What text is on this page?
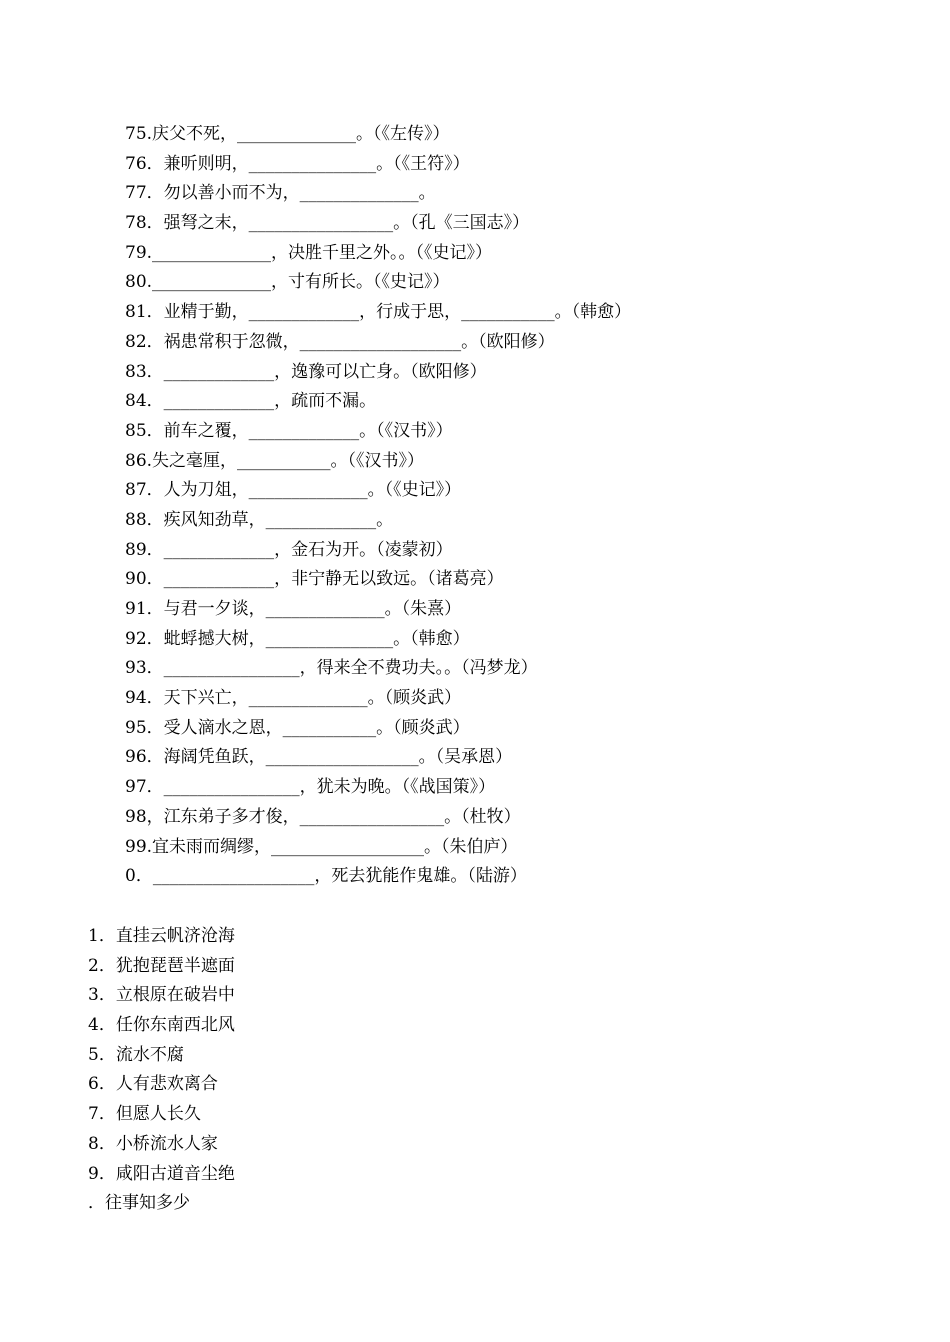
75.庆父不死，______________。（《左传》）
76．兼听则明，_______________。（《王符》）
77．勿以善小而不为，______________。
78．强弩之末，_________________。（孔《三国志》）
79.______________，决胜千里之外。。（《史记》）
80.______________，寸有所长。（《史记》）
81．业精于勤，_____________，行成于思，___________。（韩愈）
82．祸患常积于忽微，___________________。（欧阳修）
83．_____________，逸豫可以亡身。（欧阳修）
84．_____________，疏而不漏。
85．前车之覆，_____________。（《汉书》）
86.失之毫厘，___________。（《汉书》）
87．人为刀俎，______________。（《史记》）
88．疾风知劲草，_____________。
89．_____________，金石为开。（凌蒙初）
90．_____________，非宁静无以致远。（诸葛亮）
91．与君一夕谈，______________。（朱熹）
92．蚍蜉撼大树，_______________。（韩愈）
93．________________，得来全不费功夫。。（冯梦龙）
94．天下兴亡，______________。（顾炎武）
95．受人滴水之恩，___________。（顾炎武）
96．海阔凭鱼跃，__________________。（吴承恩）
97．________________，犹未为晚。（《战国策》）
98，江东弟子多才俊，_________________。（杜牧）
99.宜未雨而绸缪，__________________。（朱伯庐）
0．___________________，死去犹能作鬼雄。（陆游）
1．直挂云帆济沧海
2．犹抱琵琶半遮面
3．立根原在破岩中
4．任你东南西北风
5．流水不腐
6．人有悲欢离合
7．但愿人长久
8．小桥流水人家
9．咸阳古道音尘绝
．往事知多少
